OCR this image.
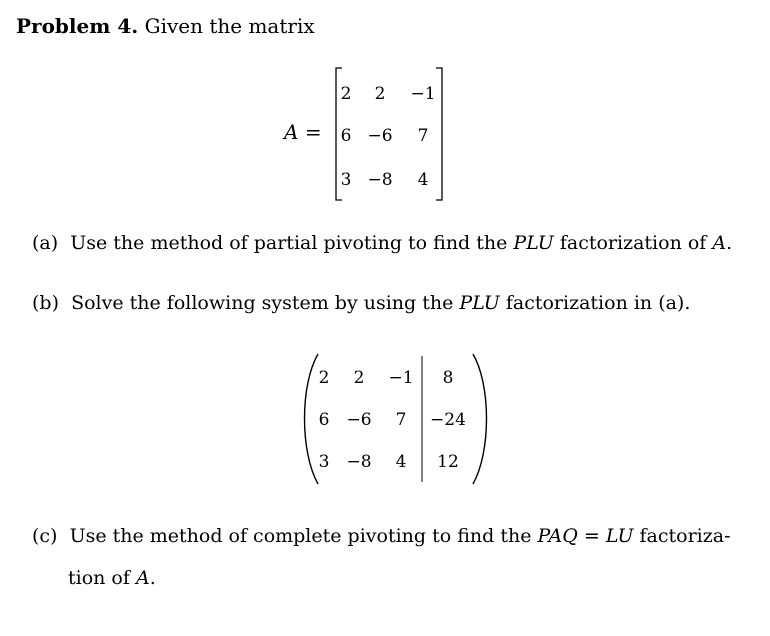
Problem 4. Given the matrix
A =
2	2	−1
6 −6	7
3 −8	4
(a) Use the method of partial pivoting to find the PLU factorization of A.
(b) Solve the following system by using the PLU factorization in (a).
2	2	−1	8
6	−6	7	−24
3	−8	4	12
(c) Use the method of complete pivoting to find the PAQ = LU factoriza-
tion of A.
